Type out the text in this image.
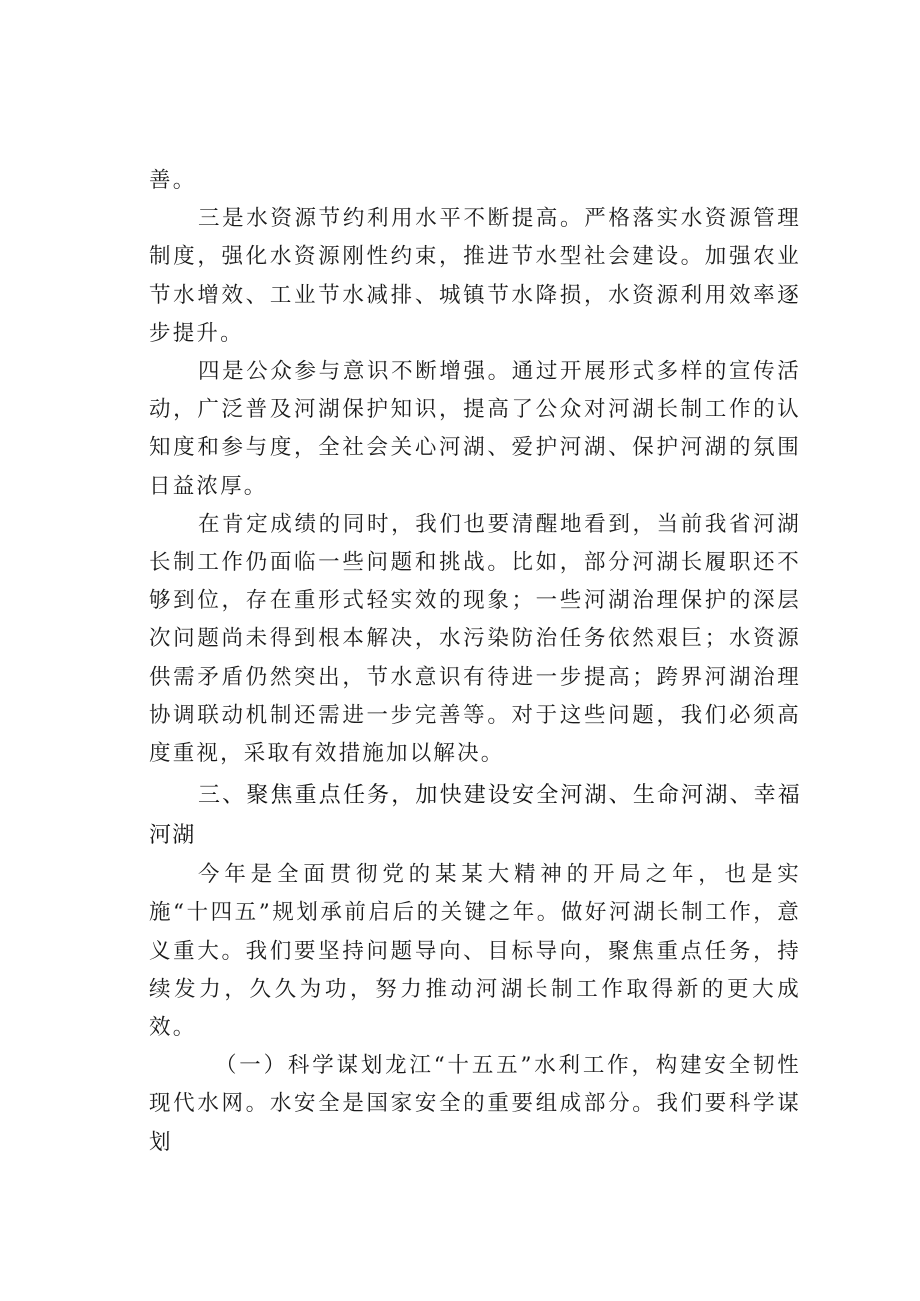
善。

三是水资源节约利用水平不断提高。严格落实水资源管理制度，强化水资源刚性约束，推进节水型社会建设。加强农业节水增效、工业节水减排、城镇节水降损，水资源利用效率逐步提升。

四是公众参与意识不断增强。通过开展形式多样的宣传活动，广泛普及河湖保护知识，提高了公众对河湖长制工作的认知度和参与度，全社会关心河湖、爱护河湖、保护河湖的氛围日益浓厚。

在肯定成绩的同时，我们也要清醒地看到，当前我省河湖长制工作仍面临一些问题和挑战。比如，部分河湖长履职还不够到位，存在重形式轻实效的现象；一些河湖治理保护的深层次问题尚未得到根本解决，水污染防治任务依然艰巨；水资源供需矛盾仍然突出，节水意识有待进一步提高；跨界河湖治理协调联动机制还需进一步完善等。对于这些问题，我们必须高度重视，采取有效措施加以解决。

三、聚焦重点任务，加快建设安全河湖、生命河湖、幸福河湖

今年是全面贯彻党的某某大精神的开局之年，也是实施“十四五”规划承前启后的关键之年。做好河湖长制工作，意义重大。我们要坚持问题导向、目标导向，聚焦重点任务，持续发力，久久为功，努力推动河湖长制工作取得新的更大成效。

（一）科学谋划龙江“十五五”水利工作，构建安全韧性现代水网。水安全是国家安全的重要组成部分。我们要科学谋划
